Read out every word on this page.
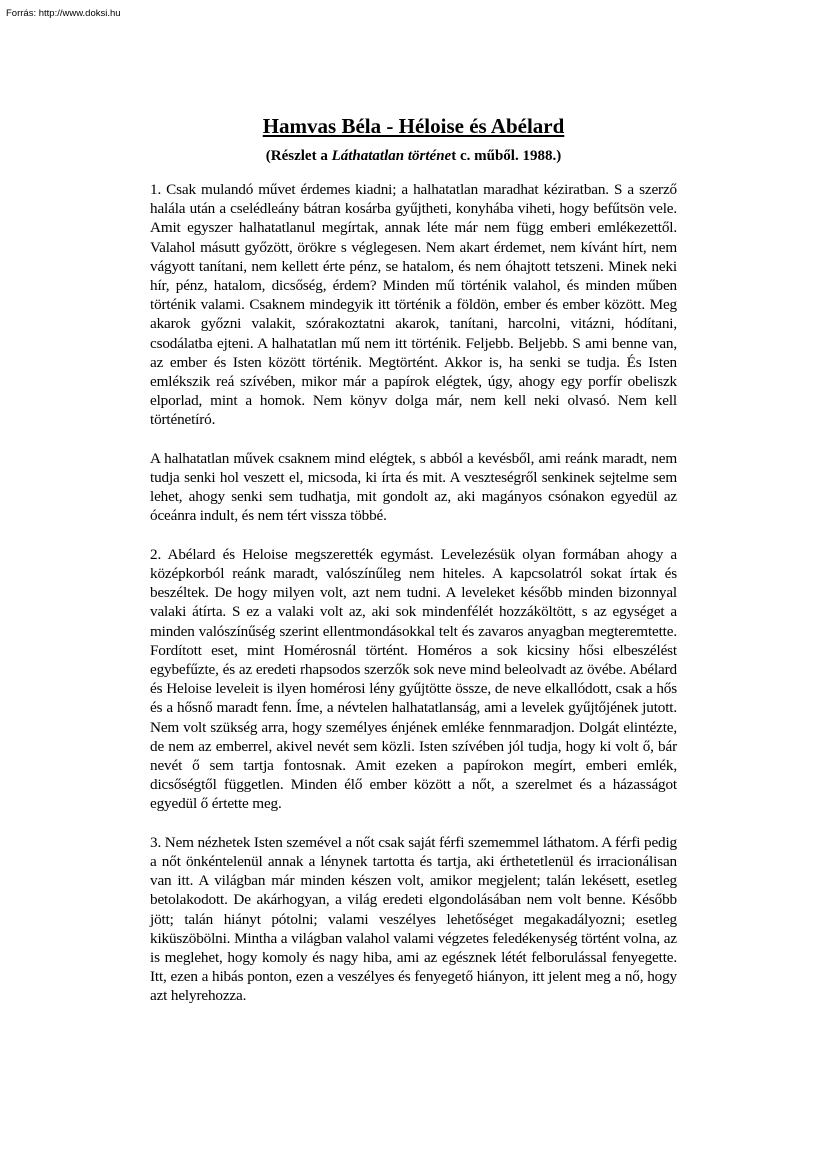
Forrás: http://www.doksi.hu
Hamvas Béla - Héloise és Abélard
(Részlet a Láthatatlan történet c. műből. 1988.)

1. Csak mulandó művet érdemes kiadni; a halhatatlan maradhat kéziratban. S a szerző halála után a cselédleány bátran kosárba gyűjtheti, konyhába viheti, hogy befűtsön vele. Amit egyszer halhatatlanul megírtak, annak léte már nem függ emberi emlékezettől. Valahol másutt győzött, örökre s véglegesen. Nem akart érdemet, nem kívánt hírt, nem vágyott tanítani, nem kellett érte pénz, se hatalom, és nem óhajtott tetszeni. Minek neki hír, pénz, hatalom, dicsőség, érdem? Minden mű történik valahol, és minden műben történik valami. Csaknem mindegyik itt történik a földön, ember és ember között. Meg akarok győzni valakit, szórakoztatni akarok, tanítani, harcolni, vitázni, hódítani, csodálatba ejteni. A halhatatlan mű nem itt történik. Feljebb. Beljebb. S ami benne van, az ember és Isten között történik. Megtörtént. Akkor is, ha senki se tudja. És Isten emlékszik reá szívében, mikor már a papírok elégtek, úgy, ahogy egy porfír obeliszk elporlad, mint a homok. Nem könyv dolga már, nem kell neki olvasó. Nem kell történetíró.

A halhatatlan művek csaknem mind elégtek, s abból a kevésből, ami reánk maradt, nem tudja senki hol veszett el, micsoda, ki írta és mit. A veszteségről senkinek sejtelme sem lehet, ahogy senki sem tudhatja, mit gondolt az, aki magányos csónakon egyedül az óceánra indult, és nem tért vissza többé.

2. Abélard és Heloise megszerették egymást. Levelezésük olyan formában ahogy a középkorból reánk maradt, valószínűleg nem hiteles. A kapcsolatról sokat írtak és beszéltek. De hogy milyen volt, azt nem tudni. A leveleket később minden bizonnyal valaki átírta. S ez a valaki volt az, aki sok mindenfélét hozzáköltött, s az egységet a minden valószínűség szerint ellentmondásokkal telt és zavaros anyagban megteremtette. Fordított eset, mint Homérosnál történt. Homéros a sok kicsiny hősi elbeszélést egybefűzte, és az eredeti rhapsodos szerzők sok neve mind beleolvadt az övébe. Abélard és Heloise leveleit is ilyen homérosi lény gyűjtötte össze, de neve elkallódott, csak a hős és a hősnő maradt fenn. Íme, a névtelen halhatatlanság, ami a levelek gyűjtőjének jutott. Nem volt szükség arra, hogy személyes énjének emléke fennmaradjon. Dolgát elintézte, de nem az emberrel, akivel nevét sem közli. Isten szívében jól tudja, hogy ki volt ő, bár nevét ő sem tartja fontosnak. Amit ezeken a papírokon megírt, emberi emlék, dicsőségtől független. Minden élő ember között a nőt, a szerelmet és a házasságot egyedül ő értette meg.

3. Nem nézhetek Isten szemével a nőt csak saját férfi szememmel láthatom. A férfi pedig a nőt önkéntelenül annak a lénynek tartotta és tartja, aki érthetetlenül és irracionálisan van itt. A világban már minden készen volt, amikor megjelent; talán lekésett, esetleg betolakodott. De akárhogyan, a világ eredeti elgondolásában nem volt benne. Később jött; talán hiányt pótolni; valami veszélyes lehetőséget megakadályozni; esetleg kiküszöbölni. Mintha a világban valahol valami végzetes feledékenység történt volna, az is meglehet, hogy komoly és nagy hiba, ami az egésznek létét felborulással fenyegette. Itt, ezen a hibás ponton, ezen a veszélyes és fenyegető hiányon, itt jelent meg a nő, hogy azt helyrehozza.
